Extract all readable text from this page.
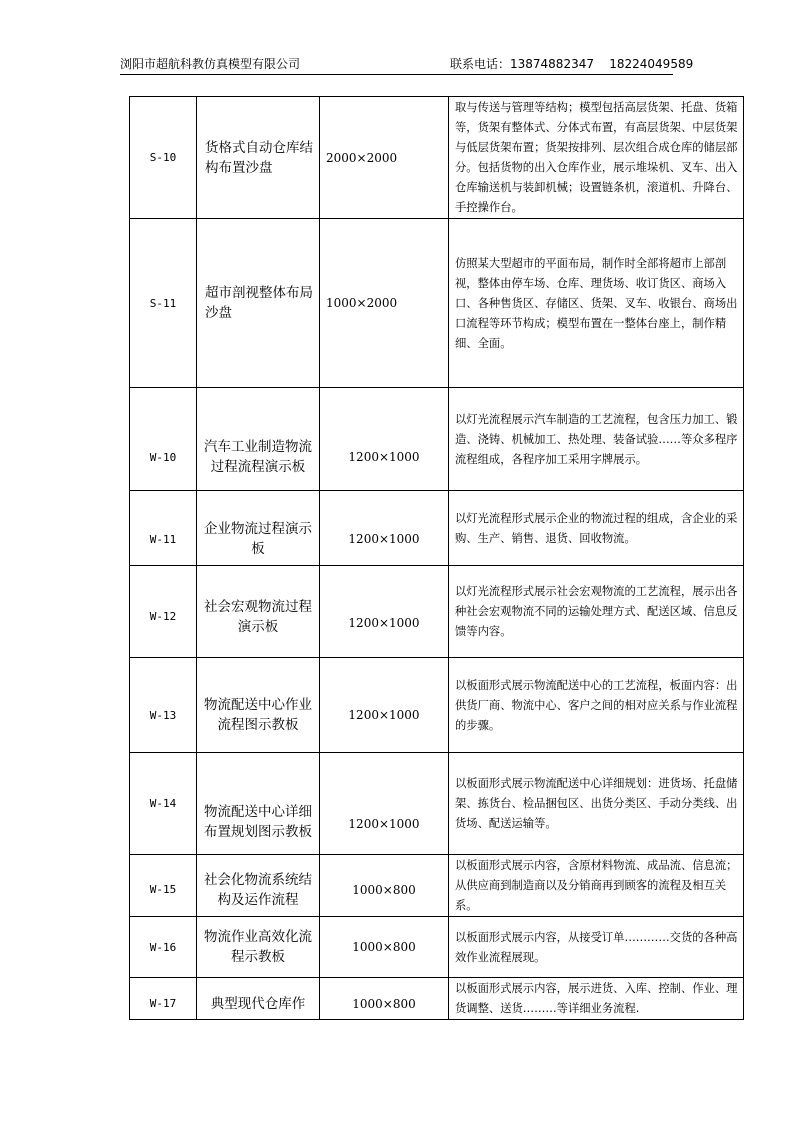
浏阳市超航科教仿真模型有限公司	联系电话：13874882347    18224049589
S-10	货格式自动仓库结构布置沙盘	2000×2000	取与传送与管理等结构；模型包括高层货架、托盘、货箱等，货架有整体式、分体式布置，有高层货架、中层货架与低层货架布置；货架按排列、层次组合成仓库的储层部分。包括货物的出入仓库作业，展示堆垛机、叉车、出入仓库输送机与装卸机械；设置链条机，滚道机、升降台、手控操作台。

S-11	超市剖视整体布局沙盘	1000×2000	仿照某大型超市的平面布局，制作时全部将超市上部剖视，整体由停车场、仓库、理货场、收订货区、商场入口、各种售货区、存储区、货架、叉车、收银台、商场出口流程等环节构成；模型布置在一整体台座上，制作精细、全面。

W-10	汽车工业制造物流过程流程演示板	1200×1000	以灯光流程展示汽车制造的工艺流程，包含压力加工、锻造、浇铸、机械加工、热处理、装备试验……等众多程序流程组成，各程序加工采用字牌展示。

W-11	企业物流过程演示板	1200×1000	以灯光流程形式展示企业的物流过程的组成，含企业的采购、生产、销售、退货、回收物流。

W-12	社会宏观物流过程演示板	1200×1000	以灯光流程形式展示社会宏观物流的工艺流程，展示出各种社会宏观物流不同的运输处理方式、配送区域、信息反馈等内容。

W-13	物流配送中心作业流程图示教板	1200×1000	以板面形式展示物流配送中心的工艺流程，板面内容：出供货厂商、物流中心、客户之间的相对应关系与作业流程的步骤。

W-14	物流配送中心详细布置规划图示教板	1200×1000	以板面形式展示物流配送中心详细规划：进货场、托盘储架、拣货台、检品捆包区、出货分类区、手动分类线、出货场、配送运输等。

W-15	社会化物流系统结构及运作流程	1000×800	以板面形式展示内容，含原材料物流、成品流、信息流；从供应商到制造商以及分销商再到顾客的流程及相互关系。

W-16	物流作业高效化流程示教板	1000×800	以板面形式展示内容，从接受订单…………交货的各种高效作业流程展现。

W-17	典型现代仓库作	1000×800	以板面形式展示内容，展示进货、入库、控制、作业、理货调整、送货………等详细业务流程.
